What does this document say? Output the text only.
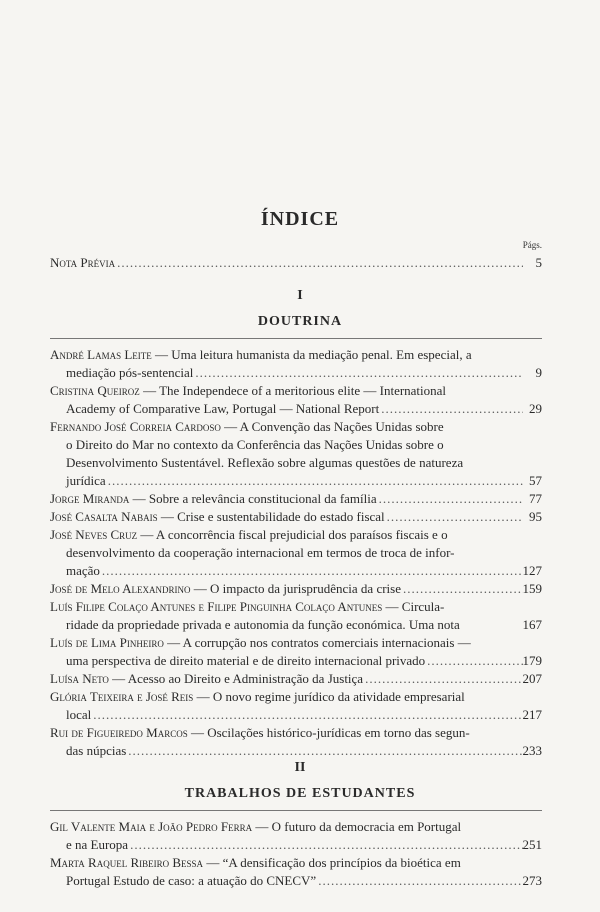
ÍNDICE
Págs.
Nota Prévia .....	5
I
DOUTRINA
André Lamas Leite — Uma leitura humanista da mediação penal. Em especial, a
mediação pós-sentencial .....	9
Cristina Queiroz — The Independece of a meritorious elite — International
Academy of Comparative Law, Portugal — National Report .....	29
Fernando José Correia Cardoso — A Convenção das Nações Unidas sobre
o Direito do Mar no contexto da Conferência das Nações Unidas sobre o
Desenvolvimento Sustentável. Reflexão sobre algumas questões de natureza
jurídica .....	57
Jorge Miranda — Sobre a relevância constitucional da família .....	77
José Casalta Nabais — Crise e sustentabilidade do estado fiscal .....	95
José Neves Cruz — A concorrência fiscal prejudicial dos paraísos fiscais e o
desenvolvimento da cooperação internacional em termos de troca de infor-
mação .....	127
José de Melo Alexandrino — O impacto da jurisprudência da crise .....	159
Luís Filipe Colaço Antunes e Filipe Pinguinha Colaço Antunes — Circula-
ridade da propriedade privada e autonomia da função económica. Uma nota	167
Luís de Lima Pinheiro — A corrupção nos contratos comerciais internacionais —
uma perspectiva de direito material e de direito internacional privado .....	179
Luísa Neto — Acesso ao Direito e Administração da Justiça .....	207
Glória Teixeira e José Reis — O novo regime jurídico da atividade empresarial
local .....	217
Rui de Figueiredo Marcos — Oscilações histórico-jurídicas em torno das segun-
das núpcias .....	233
II
TRABALHOS DE ESTUDANTES
Gil Valente Maia e João Pedro Ferra — O futuro da democracia em Portugal
e na Europa .....	251
Marta Raquel Ribeiro Bessa — “A densificação dos princípios da bioética em
Portugal Estudo de caso: a atuação do CNECV” .....	273
